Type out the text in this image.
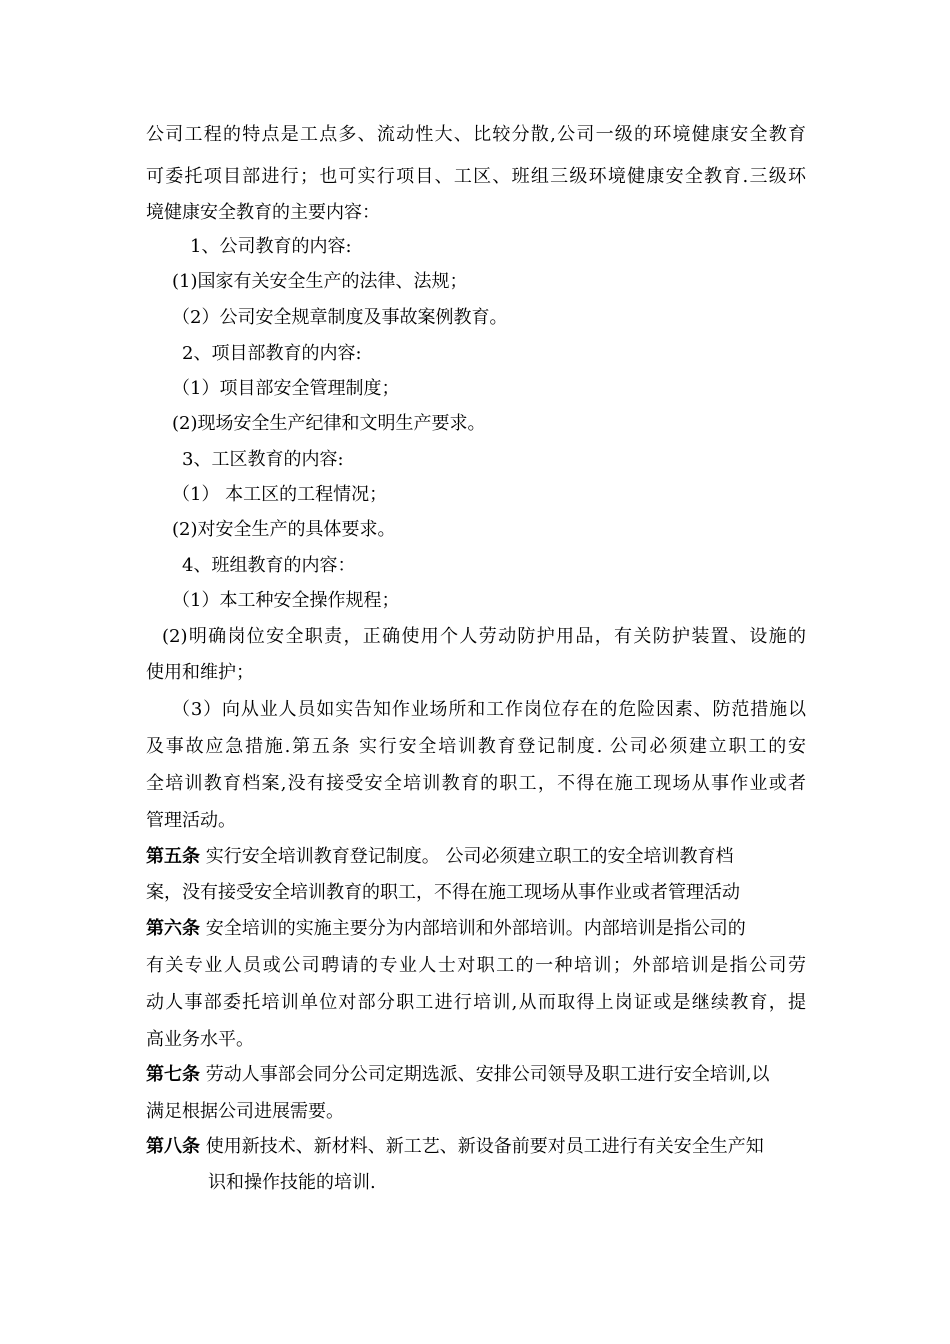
公司工程的特点是工点多、流动性大、比较分散,公司一级的环境健康安全教育
可委托项目部进行；也可实行项目、工区、班组三级环境健康安全教育.三级环
境健康安全教育的主要内容：
1、公司教育的内容:
(1)国家有关安全生产的法律、法规；
（2）公司安全规章制度及事故案例教育。
2、项目部教育的内容:
（1）项目部安全管理制度；
(2)现场安全生产纪律和文明生产要求。
3、工区教育的内容:
（1） 本工区的工程情况；
(2)对安全生产的具体要求。
4、班组教育的内容：
（1）本工种安全操作规程；
(2)明确岗位安全职责，正确使用个人劳动防护用品，有关防护装置、设施的
使用和维护；
（3）向从业人员如实告知作业场所和工作岗位存在的危险因素、防范措施以
及事故应急措施.第五条 实行安全培训教育登记制度. 公司必须建立职工的安
全培训教育档案,没有接受安全培训教育的职工，不得在施工现场从事作业或者
管理活动。
第五条 实行安全培训教育登记制度。 公司必须建立职工的安全培训教育档
案，没有接受安全培训教育的职工，不得在施工现场从事作业或者管理活动
第六条 安全培训的实施主要分为内部培训和外部培训。内部培训是指公司的
有关专业人员或公司聘请的专业人士对职工的一种培训；外部培训是指公司劳
动人事部委托培训单位对部分职工进行培训,从而取得上岗证或是继续教育，提
高业务水平。
第七条 劳动人事部会同分公司定期选派、安排公司领导及职工进行安全培训,以
满足根据公司进展需要。
第八条 使用新技术、新材料、新工艺、新设备前要对员工进行有关安全生产知
识和操作技能的培训.
